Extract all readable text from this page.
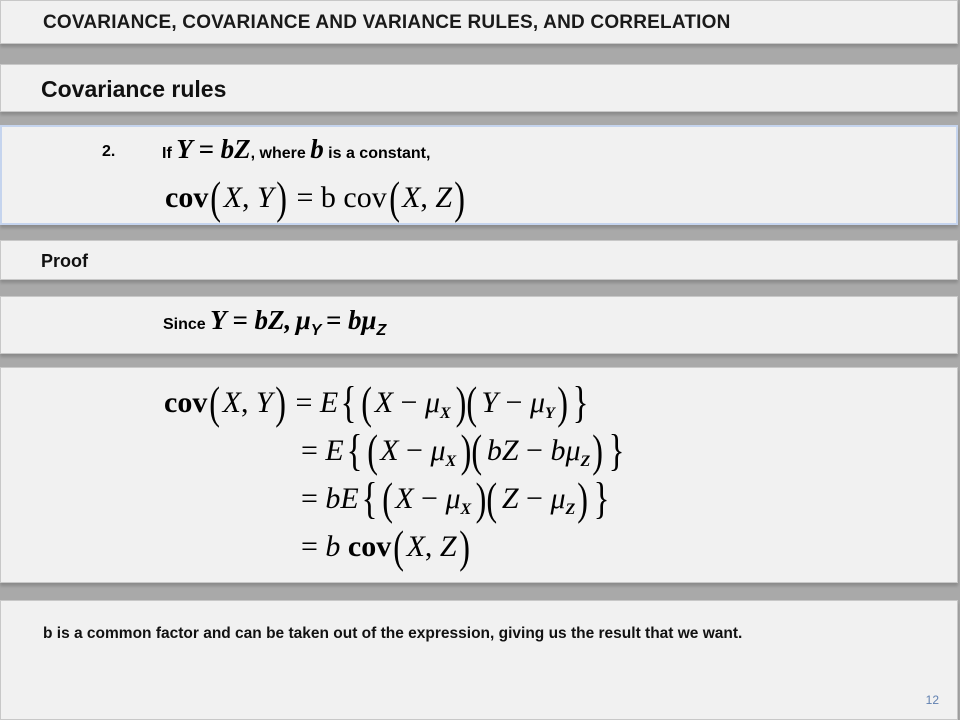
COVARIANCE, COVARIANCE AND VARIANCE RULES, AND CORRELATION
Covariance rules
2.	If Y = bZ, where b is a constant,
cov(X, Y) = b cov(X, Z)
Proof
Since Y = bZ, $\mu_Y = b\mu_Z$
cov(X, Y) = E{ $(X - \mu_X)$( $Y - \mu_Y$) }
= E{ $(X - \mu_X)$( bZ − $b\mu_Z$) }
= bE{ $(X - \mu_X)$( $Z - \mu_Z$) }
= b cov(X, Z)
b is a common factor and can be taken out of the expression, giving us the result that we want.
12
